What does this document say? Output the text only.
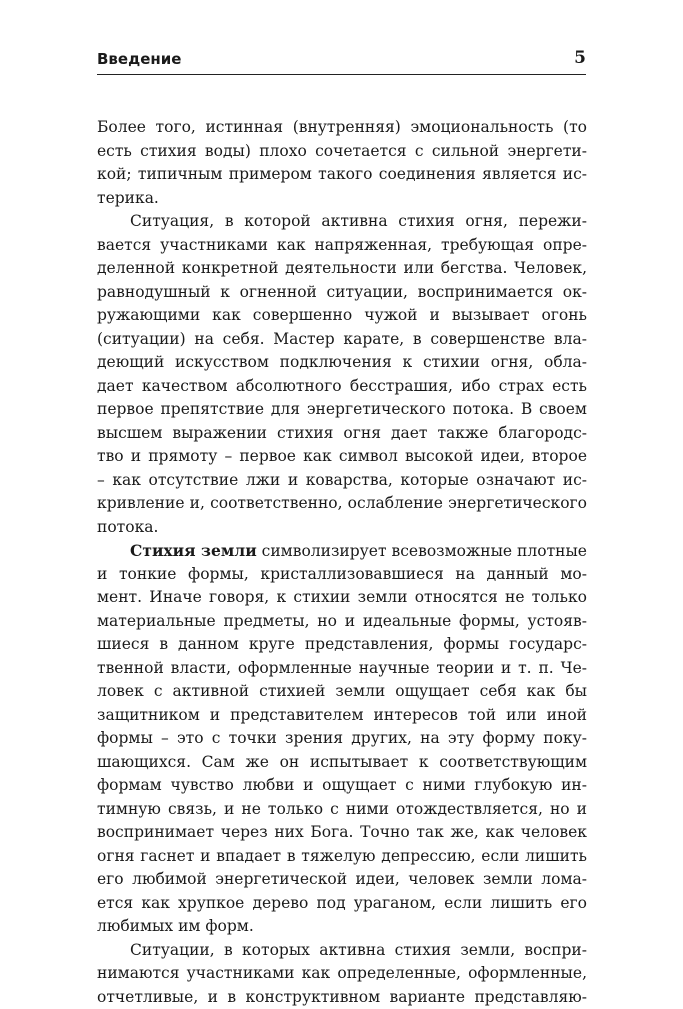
Введение	5
Более того, истинная (внутренняя) эмоциональность (то
есть стихия воды) плохо сочетается с сильной энергети-
кой; типичным примером такого соединения является ис-
терика.
Ситуация, в которой активна стихия огня, пережи-
вается участниками как напряженная, требующая опре-
деленной конкретной деятельности или бегства. Человек,
равнодушный к огненной ситуации, воспринимается ок-
ружающими как совершенно чужой и вызывает огонь
(ситуации) на себя. Мастер карате, в совершенстве вла-
деющий искусством подключения к стихии огня, обла-
дает качеством абсолютного бесстрашия, ибо страх есть
первое препятствие для энергетического потока. В своем
высшем выражении стихия огня дает также благородс-
тво и прямоту – первое как символ высокой идеи, второе
– как отсутствие лжи и коварства, которые означают ис-
кривление и, соответственно, ослабление энергетического
потока.
Стихия земли символизирует всевозможные плотные
и тонкие формы, кристаллизовавшиеся на данный мо-
мент. Иначе говоря, к стихии земли относятся не только
материальные предметы, но и идеальные формы, устояв-
шиеся в данном круге представления, формы государс-
твенной власти, оформленные научные теории и т. п. Че-
ловек с активной стихией земли ощущает себя как бы
защитником и представителем интересов той или иной
формы – это с точки зрения других, на эту форму поку-
шающихся. Сам же он испытывает к соответствующим
формам чувство любви и ощущает с ними глубокую ин-
тимную связь, и не только с ними отождествляется, но и
воспринимает через них Бога. Точно так же, как человек
огня гаснет и впадает в тяжелую депрессию, если лишить
его любимой энергетической идеи, человек земли лома-
ется как хрупкое дерево под ураганом, если лишить его
любимых им форм.
Ситуации, в которых активна стихия земли, воспри-
нимаются участниками как определенные, оформленные,
отчетливые, и в конструктивном варианте представляю-
